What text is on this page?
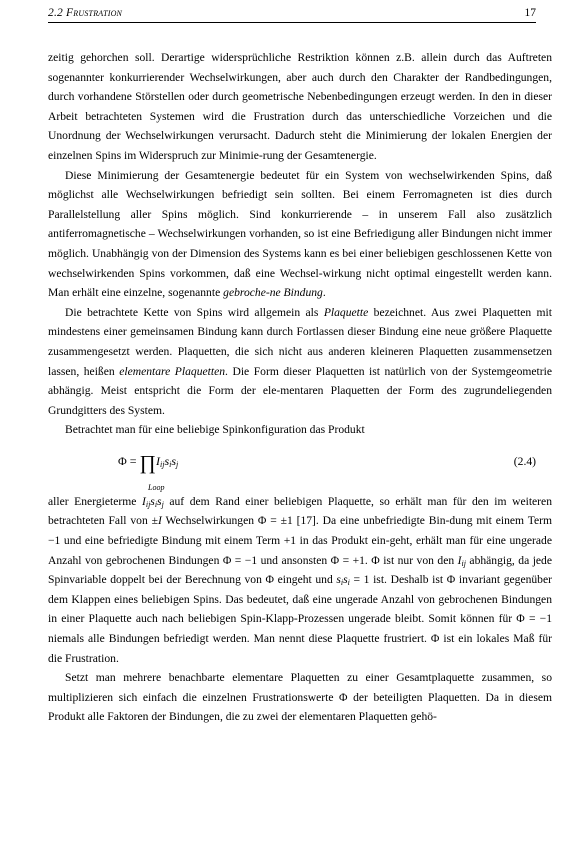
2.2 Frustration	17

zeitig gehorchen soll. Derartige widersprüchliche Restriktion können z.B. allein durch das Auftreten sogenannter konkurrierender Wechselwirkungen, aber auch durch den Charakter der Randbedingungen, durch vorhandene Störstellen oder durch geometrische Nebenbedingungen erzeugt werden. In den in dieser Arbeit betrachteten Systemen wird die Frustration durch das unterschiedliche Vorzeichen und die Unordnung der Wechselwirkungen verursacht. Dadurch steht die Minimierung der lokalen Energien der einzelnen Spins im Widerspruch zur Minimie-rung der Gesamtenergie.

Diese Minimierung der Gesamtenergie bedeutet für ein System von wechselwirkenden Spins, daß möglichst alle Wechselwirkungen befriedigt sein sollten. Bei einem Ferromagneten ist dies durch Parallelstellung aller Spins möglich. Sind konkurrierende – in unserem Fall also zusätzlich antiferromagnetische – Wechselwirkungen vorhanden, so ist eine Befriedigung aller Bindungen nicht immer möglich. Unabhängig von der Dimension des Systems kann es bei einer beliebigen geschlossenen Kette von wechselwirkenden Spins vorkommen, daß eine Wechsel-wirkung nicht optimal eingestellt werden kann. Man erhält eine einzelne, sogenannte gebroche-ne Bindung.

Die betrachtete Kette von Spins wird allgemein als Plaquette bezeichnet. Aus zwei Plaquetten mit mindestens einer gemeinsamen Bindung kann durch Fortlassen dieser Bindung eine neue größere Plaquette zusammengesetzt werden. Plaquetten, die sich nicht aus anderen kleineren Plaquetten zusammensetzen lassen, heißen elementare Plaquetten. Die Form dieser Plaquetten ist natürlich von der Systemgeometrie abhängig. Meist entspricht die Form der ele-mentaren Plaquetten der Form des zugrundeliegenden Grundgitters des System.

Betrachtet man für eine beliebige Spinkonfiguration das Produkt

$\Phi = \prod I_{ij}s_is_j$
Loop
(2.4)

aller Energieterme $I_{ij}s_is_j$ auf dem Rand einer beliebigen Plaquette, so erhält man für den im weiteren betrachteten Fall von ±I Wechselwirkungen Φ = ±1 [17]. Da eine unbefriedigte Bin-dung mit einem Term −1 und eine befriedigte Bindung mit einem Term +1 in das Produkt ein-geht, erhält man für eine ungerade Anzahl von gebrochenen Bindungen Φ = −1 und ansonsten Φ = +1. Φ ist nur von den $I_{ij}$ abhängig, da jede Spinvariable doppelt bei der Berechnung von Φ eingeht und $s_is_i = 1$ ist. Deshalb ist Φ invariant gegenüber dem Klappen eines beliebigen Spins. Das bedeutet, daß eine ungerade Anzahl von gebrochenen Bindungen in einer Plaquette auch nach beliebigen Spin-Klapp-Prozessen ungerade bleibt. Somit können für Φ = −1 niemals alle Bindungen befriedigt werden. Man nennt diese Plaquette frustriert. Φ ist ein lokales Maß für die Frustration.

Setzt man mehrere benachbarte elementare Plaquetten zu einer Gesamtplaquette zusammen, so multiplizieren sich einfach die einzelnen Frustrationswerte Φ der beteiligten Plaquetten. Da in diesem Produkt alle Faktoren der Bindungen, die zu zwei der elementaren Plaquetten gehö-
